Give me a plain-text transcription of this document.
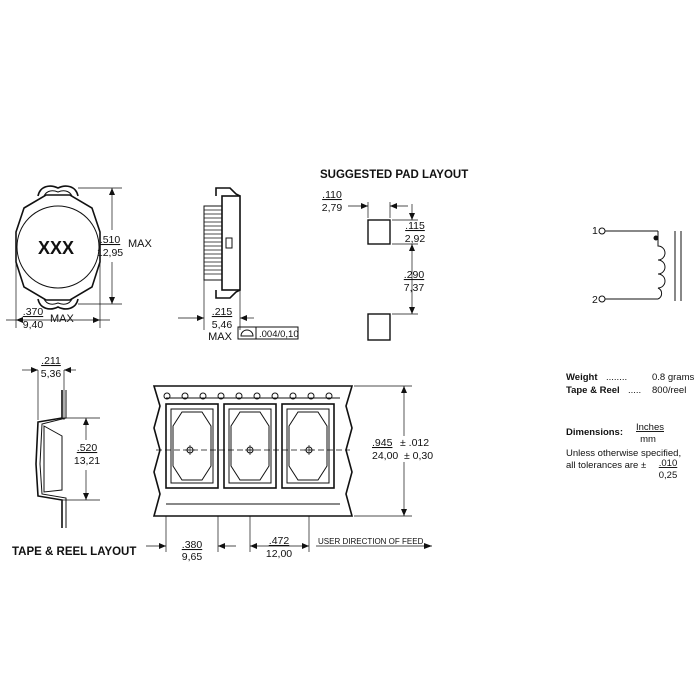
XXX .510
12,95
MAX
.370
9,40 MAX
.215
5,46
MAX	.004/0,10
SUGGESTED PAD LAYOUT
.110
2,79
.115
2,92
.290
7,37
1
2
Weight ........	0.8 grams
Tape & Reel ..... 800/reel
Dimensions: Inches
mm
Unless otherwise specified,
all tolerances are ± .010
0,25
.211
5,36
.520
13,21
.945 ± .012
24,00 ± 0,30
.380
9,65
.472
12,00
USER DIRECTION OF FEED
TAPE & REEL LAYOUT
